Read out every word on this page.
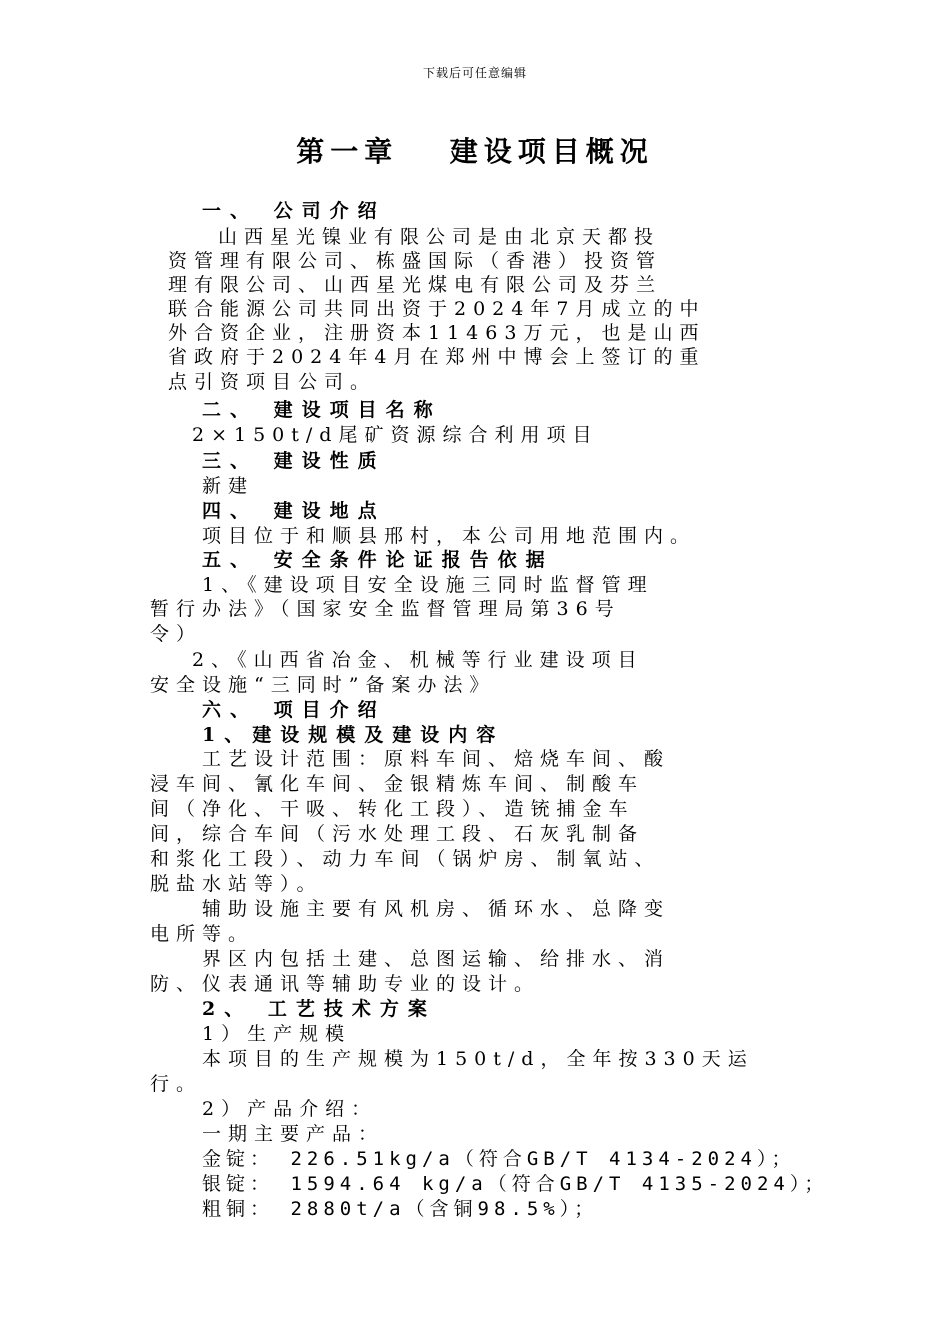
下载后可任意编辑
第一章  建设项目概况
一、 公司介绍
山西星光镍业有限公司是由北京天都投
资管理有限公司、栋盛国际（香港）投资管
理有限公司、山西星光煤电有限公司及芬兰
联合能源公司共同出资于2024年7月成立的中
外合资企业，注册资本11463万元，也是山西
省政府于2024年4月在郑州中博会上签订的重
点引资项目公司。
二、 建设项目名称
2×150t/d尾矿资源综合利用项目
三、 建设性质
新建
四、 建设地点
项目位于和顺县邢村，本公司用地范围内。
五、 安全条件论证报告依据
1、《建设项目安全设施三同时监督管理
暂行办法》（国家安全监督管理局第36号
令）
2、《山西省冶金、机械等行业建设项目
安全设施“三同时”备案办法》
六、 项目介绍
1、建设规模及建设内容
工艺设计范围：原料车间、焙烧车间、酸
浸车间、氰化车间、金银精炼车间、制酸车
间（净化、干吸、转化工段）、造铳捕金车
间，综合车间（污水处理工段、石灰乳制备
和浆化工段）、动力车间（锅炉房、制氧站、
脱盐水站等）。
辅助设施主要有风机房、循环水、总降变
电所等。
界区内包括土建、总图运输、给排水、消
防、仪表通讯等辅助专业的设计。
2、 工艺技术方案
1）生产规模
本项目的生产规模为150t/d，全年按330天运
行。
2）产品介绍：
一期主要产品：
金锭： 226.51kg/a（符合GB/T 4134-2024）；
银锭： 1594.64 kg/a（符合GB/T 4135-2024）；
粗铜： 2880t/a（含铜98.5%）；
